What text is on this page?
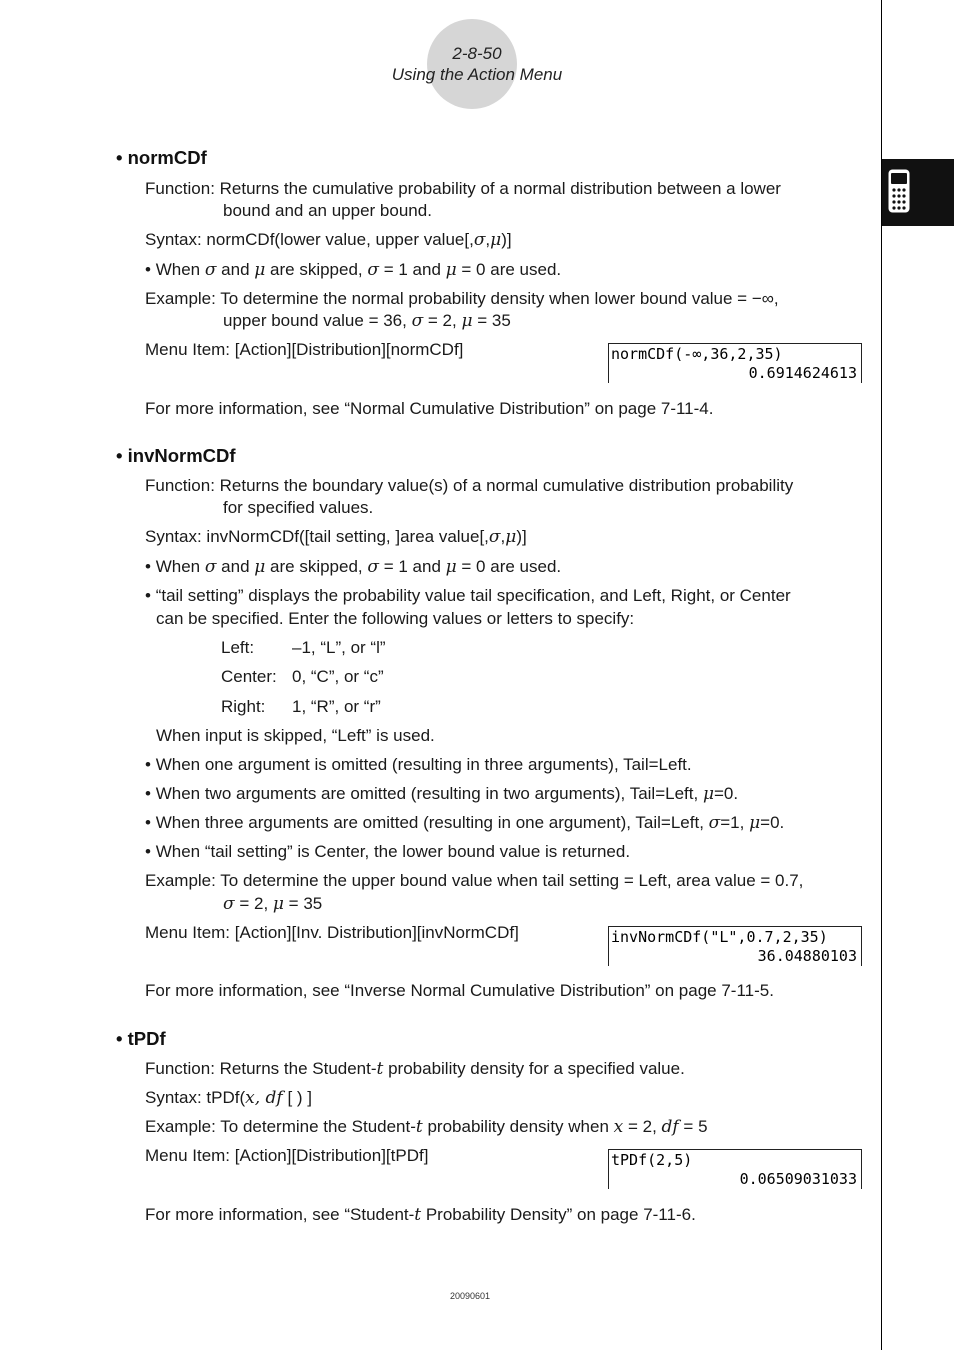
2-8-50
Using the Action Menu
• normCDf
Function: Returns the cumulative probability of a normal distribution between a lower
bound and an upper bound.
Syntax: normCDf(lower value, upper value[,σ,μ)]
• When σ and μ are skipped, σ = 1 and μ = 0 are used.
Example: To determine the normal probability density when lower bound value = −∞,
upper bound value = 36, σ = 2, μ = 35
Menu Item: [Action][Distribution][normCDf]	normCDf(-∞,36,2,35)
0.6914624613
For more information, see “Normal Cumulative Distribution” on page 7-11-4.
• invNormCDf
Function: Returns the boundary value(s) of a normal cumulative distribution probability
for specified values.
Syntax: invNormCDf([tail setting, ]area value[,σ,μ)]
• When σ and μ are skipped, σ = 1 and μ = 0 are used.
• “tail setting” displays the probability value tail specification, and Left, Right, or Center
can be specified. Enter the following values or letters to specify:
Left: –1, “L”, or “l”
Center: 0, “C”, or “c”
Right: 1, “R”, or “r”
When input is skipped, “Left” is used.
• When one argument is omitted (resulting in three arguments), Tail=Left.
• When two arguments are omitted (resulting in two arguments), Tail=Left, μ=0.
• When three arguments are omitted (resulting in one argument), Tail=Left, σ=1, μ=0.
• When “tail setting” is Center, the lower bound value is returned.
Example: To determine the upper bound value when tail setting = Left, area value = 0.7,
σ = 2, μ = 35
Menu Item: [Action][Inv. Distribution][invNormCDf]	invNormCDf("L",0.7,2,35)
36.04880103
For more information, see “Inverse Normal Cumulative Distribution” on page 7-11-5.
• tPDf
Function: Returns the Student-t probability density for a specified value.
Syntax: tPDf(x, df [ ) ]
Example: To determine the Student-t probability density when x = 2, df = 5
Menu Item: [Action][Distribution][tPDf]	tPDf(2,5)
0.06509031033
For more information, see “Student-t Probability Density” on page 7-11-6.
20090601
